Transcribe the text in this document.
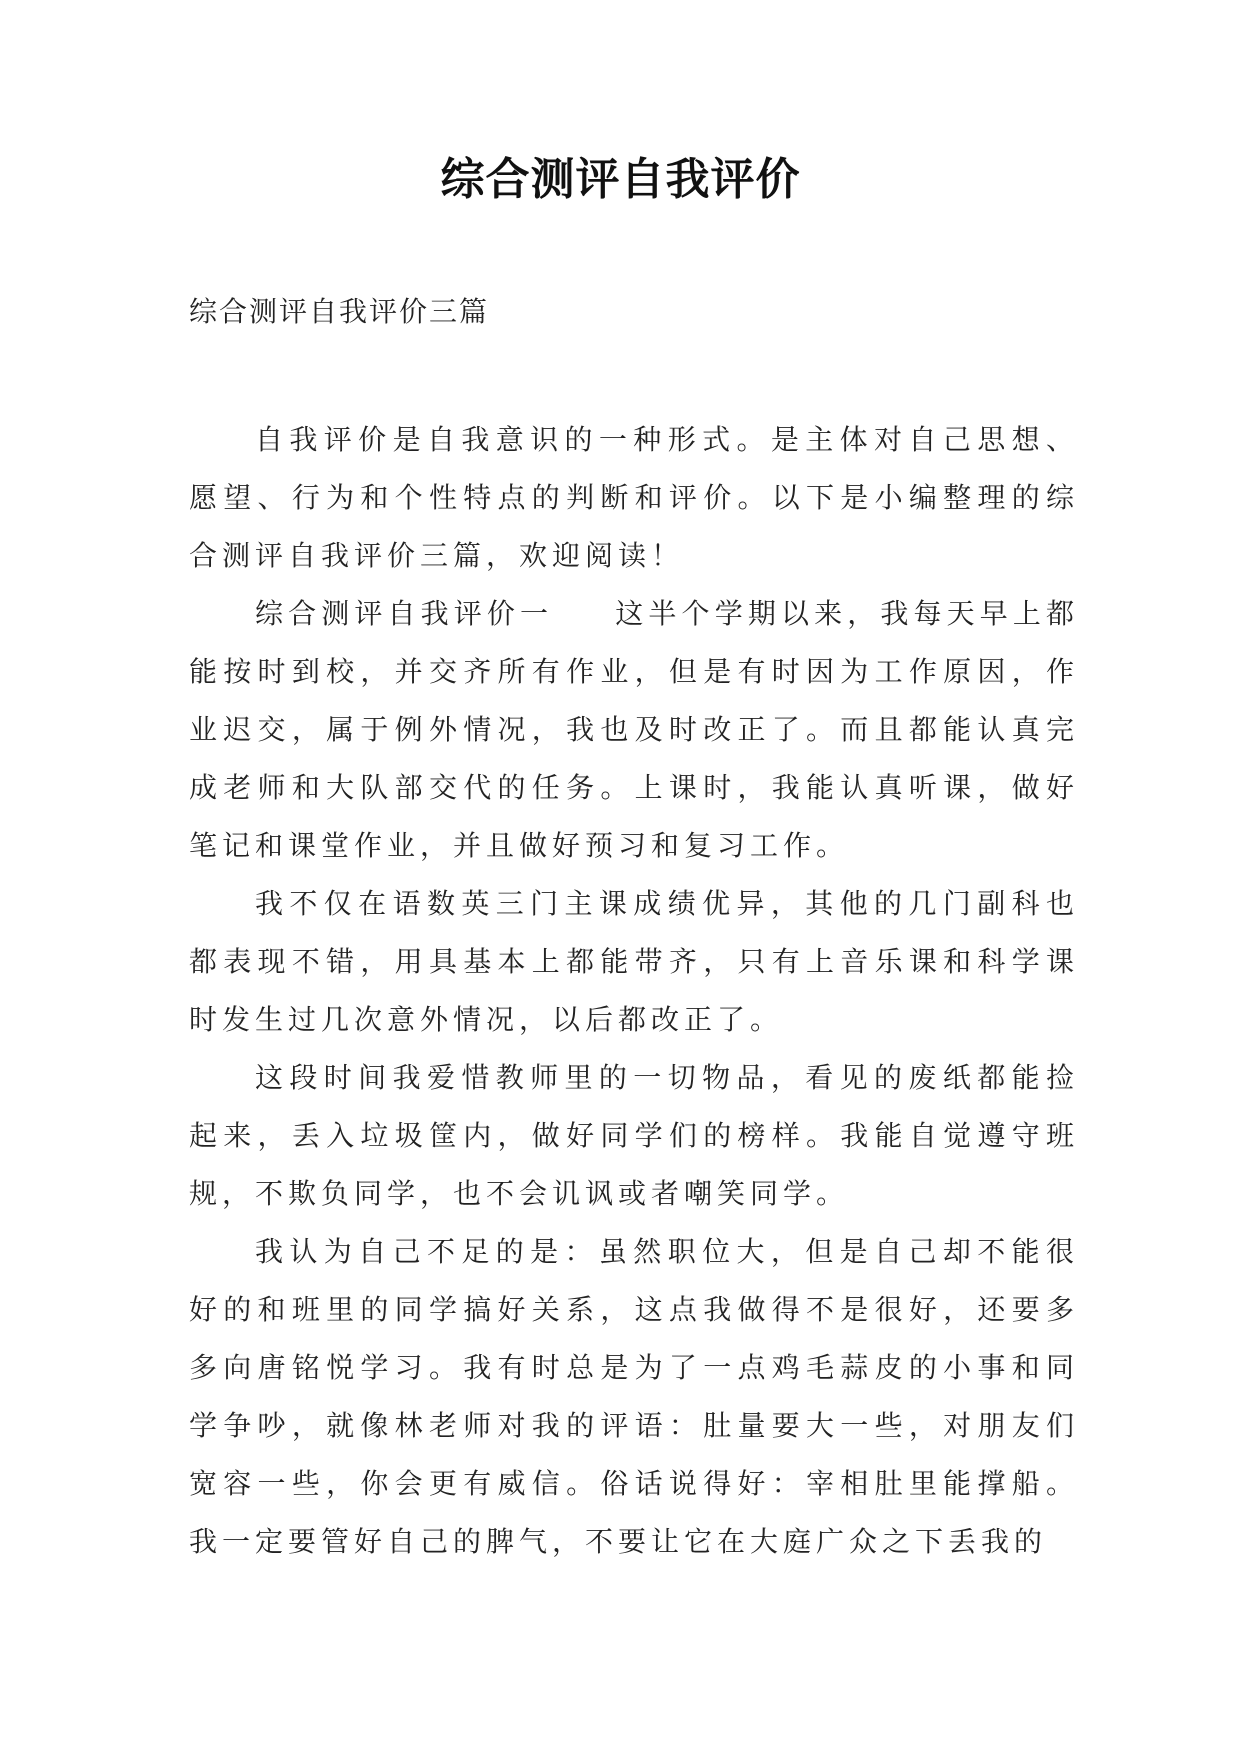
综合测评自我评价
综合测评自我评价三篇

自我评价是自我意识的一种形式。是主体对自己思想、愿望、行为和个性特点的判断和评价。以下是小编整理的综合测评自我评价三篇，欢迎阅读！

综合测评自我评价一 这半个学期以来，我每天早上都能按时到校，并交齐所有作业，但是有时因为工作原因，作业迟交，属于例外情况，我也及时改正了。而且都能认真完成老师和大队部交代的任务。上课时，我能认真听课，做好笔记和课堂作业，并且做好预习和复习工作。

我不仅在语数英三门主课成绩优异，其他的几门副科也都表现不错，用具基本上都能带齐，只有上音乐课和科学课时发生过几次意外情况，以后都改正了。

这段时间我爱惜教师里的一切物品，看见的废纸都能捡起来，丢入垃圾筐内，做好同学们的榜样。我能自觉遵守班规，不欺负同学，也不会讥讽或者嘲笑同学。

我认为自己不足的是：虽然职位大，但是自己却不能很好的和班里的同学搞好关系，这点我做得不是很好，还要多多向唐铭悦学习。我有时总是为了一点鸡毛蒜皮的小事和同学争吵，就像林老师对我的评语：肚量要大一些，对朋友们宽容一些，你会更有威信。俗话说得好：宰相肚里能撑船。我一定要管好自己的脾气，不要让它在大庭广众之下丢我的
